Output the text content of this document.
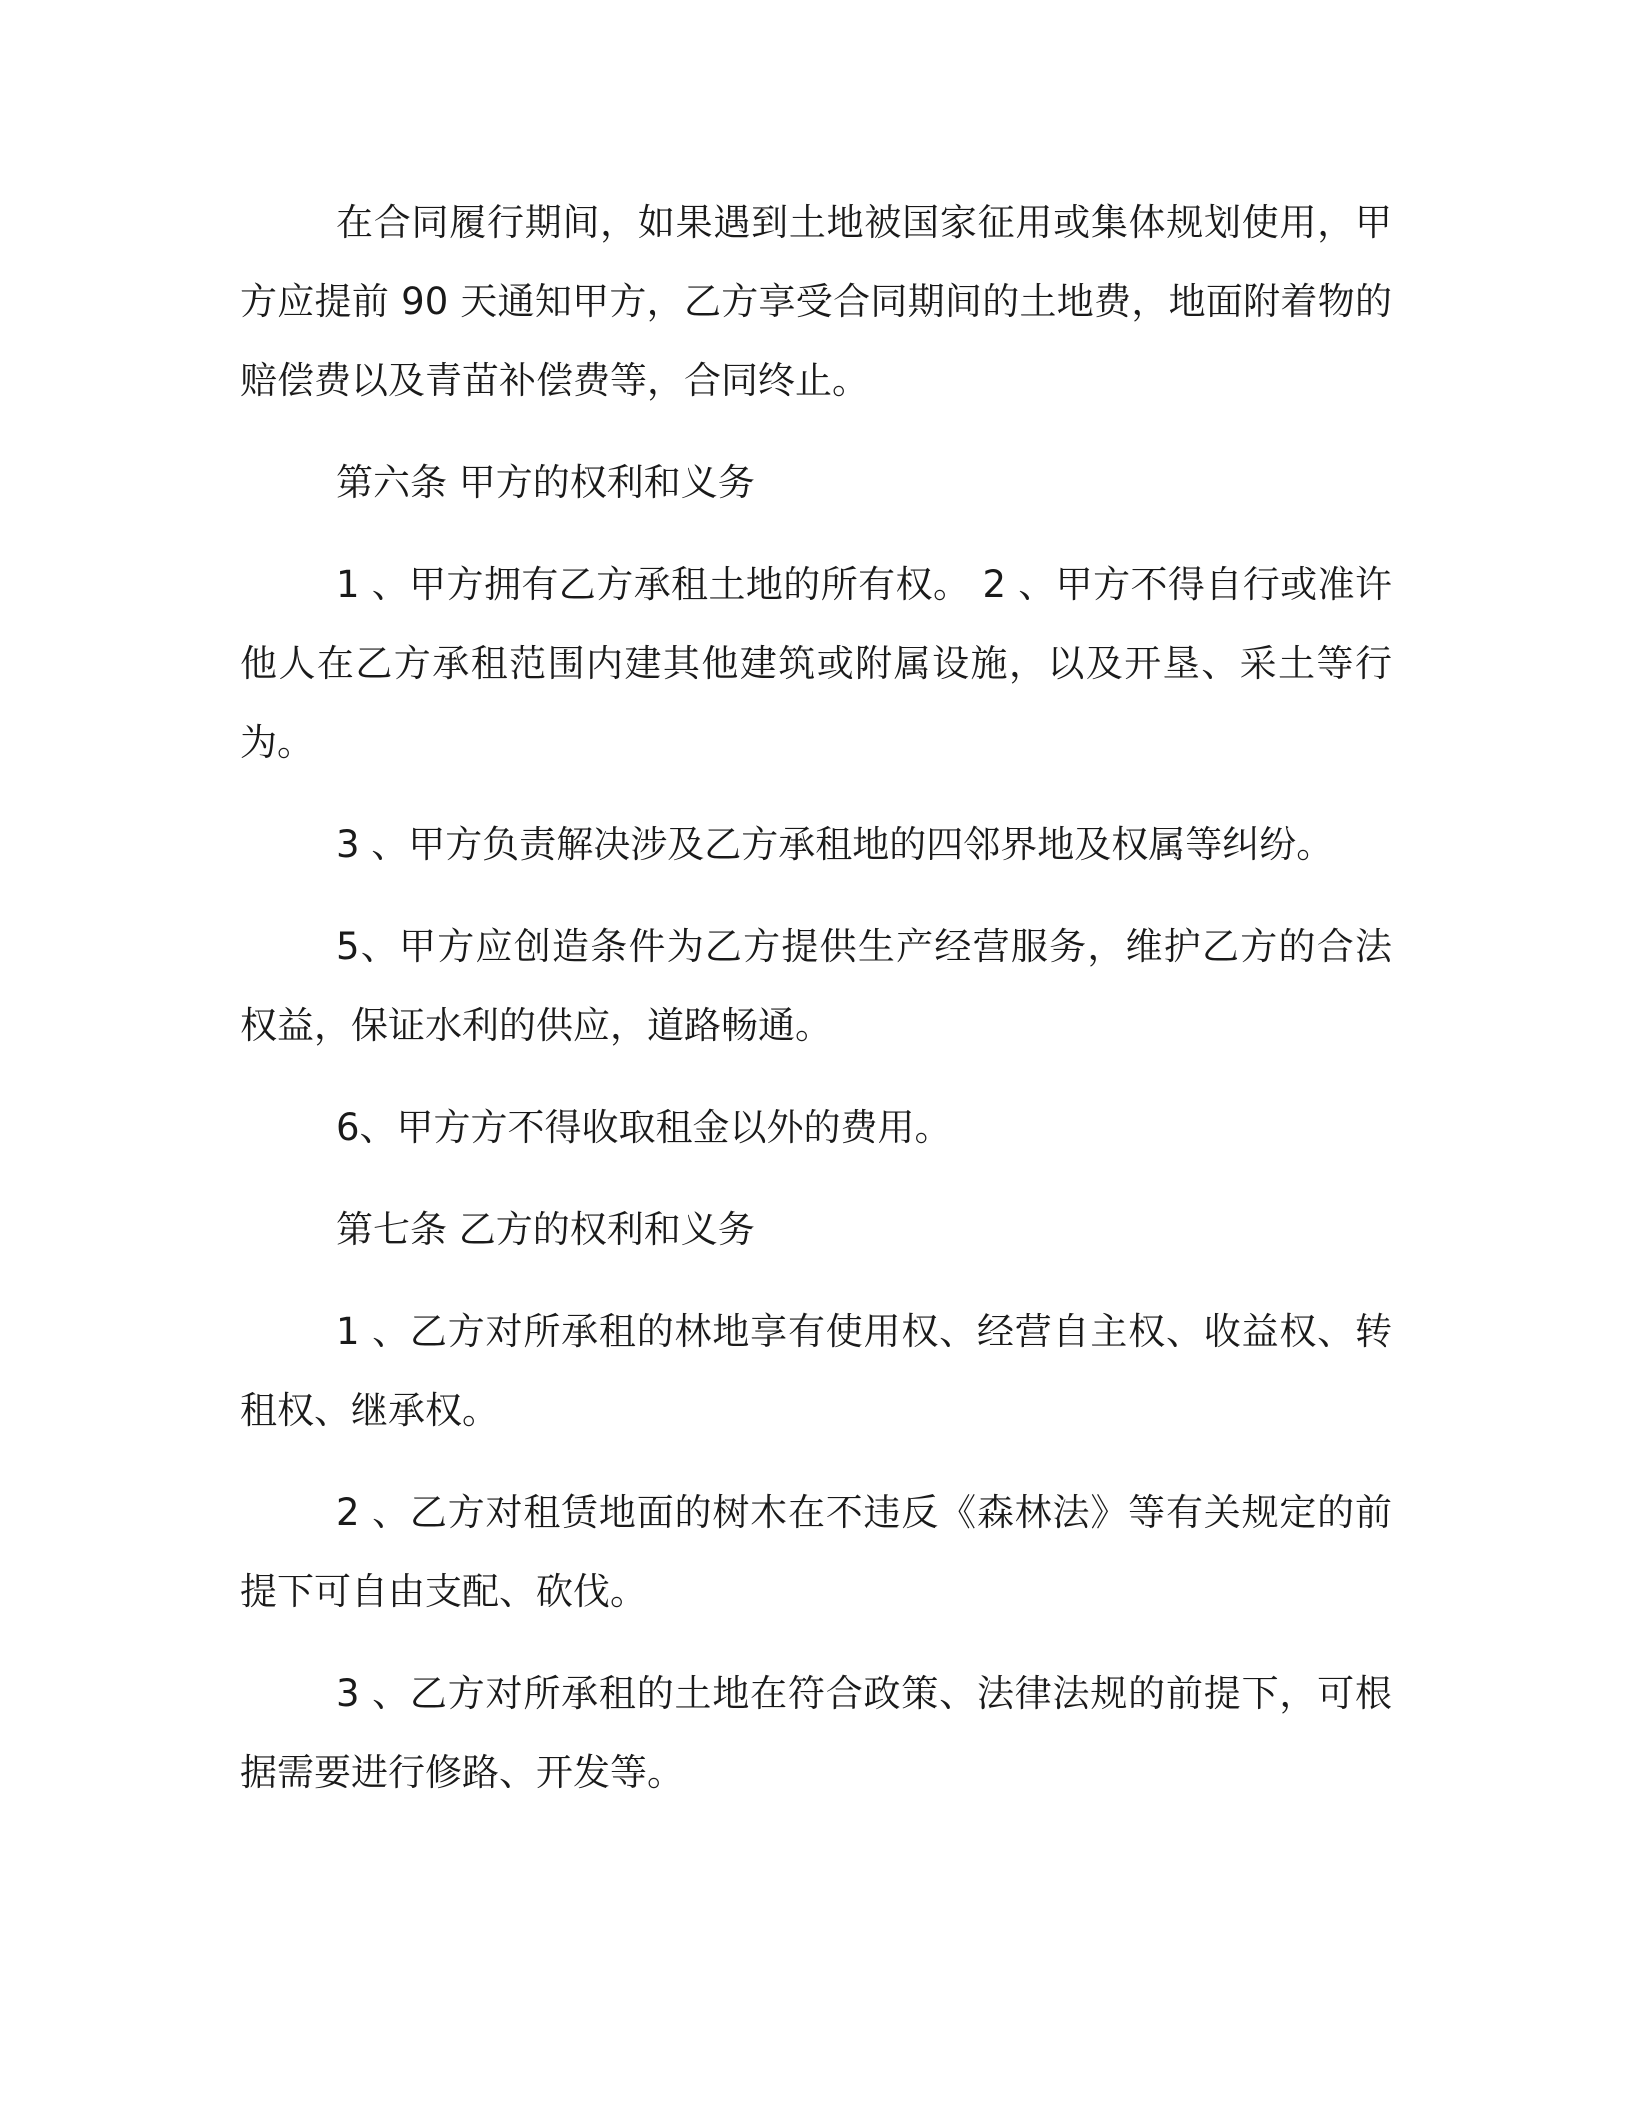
在合同履行期间，如果遇到土地被国家征用或集体规划使用，甲方应提前 90 天通知甲方，乙方享受合同期间的土地费，地面附着物的赔偿费以及青苗补偿费等，合同终止。

第六条 甲方的权利和义务

1 、甲方拥有乙方承租土地的所有权。 2 、甲方不得自行或准许他人在乙方承租范围内建其他建筑或附属设施，以及开垦、采土等行为。

3 、甲方负责解决涉及乙方承租地的四邻界地及权属等纠纷。

5、甲方应创造条件为乙方提供生产经营服务，维护乙方的合法权益，保证水利的供应，道路畅通。

6、甲方方不得收取租金以外的费用。

第七条 乙方的权利和义务

1 、乙方对所承租的林地享有使用权、经营自主权、收益权、转租权、继承权。

2 、乙方对租赁地面的树木在不违反《森林法》等有关规定的前提下可自由支配、砍伐。

3 、乙方对所承租的土地在符合政策、法律法规的前提下，可根据需要进行修路、开发等。
